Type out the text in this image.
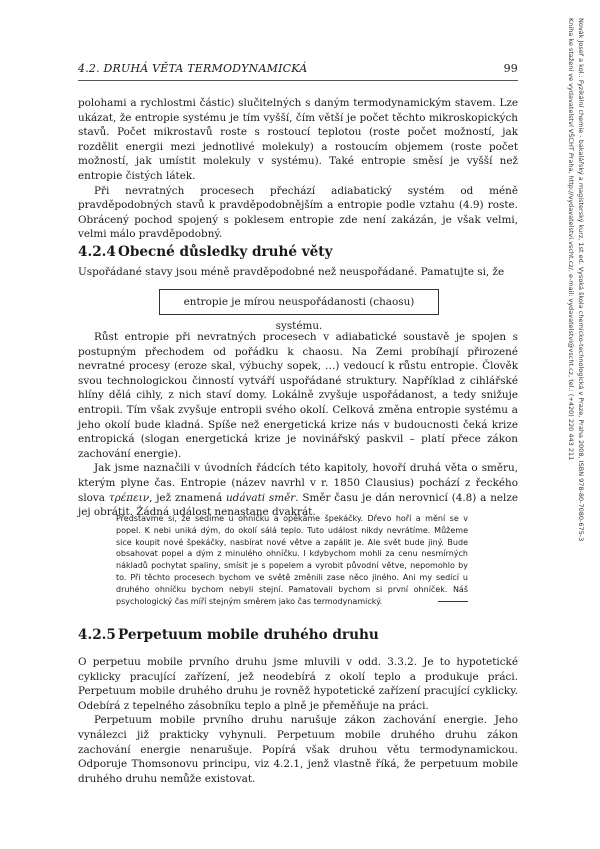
4.2. DRUHÁ VĚTA TERMODYNAMICKÁ	99

polohami a rychlostmi částic) slučitelných s daným termodynamickým stavem. Lze ukázat, že entropie systému je tím vyšší, čím větší je počet těchto mikroskopických stavů. Počet mikrostavů roste s rostoucí teplotou (roste počet možností, jak rozdělit energii mezi jednotlivé molekuly) a rostoucím objemem (roste počet možností, jak umístit molekuly v systému). Také entropie směsí je vyšší než entropie čistých látek.

Při nevratných procesech přechází adiabatický systém od méně pravděpodobných stavů k pravděpodobnějším a entropie podle vztahu (4.9) roste. Obrácený pochod spojený s poklesem entropie zde není zakázán, je však velmi, velmi málo pravděpodobný.

4.2.4 Obecné důsledky druhé věty

Uspořádané stavy jsou méně pravděpodobné než neuspořádané. Pamatujte si, že

entropie je mírou neuspořádanosti (chaosu) systému.

Růst entropie při nevratných procesech v adiabatické soustavě je spojen s postupným přechodem od pořádku k chaosu. Na Zemi probíhají přirozené nevratné procesy (eroze skal, výbuchy sopek, …) vedoucí k růstu entropie. Člověk svou technologickou činností vytváří uspořádané struktury. Například z cihlářské hlíny dělá cihly, z nich staví domy. Lokálně zvyšuje uspořádanost, a tedy snižuje entropii. Tím však zvyšuje entropii svého okolí. Celková změna entropie systému a jeho okolí bude kladná. Spíše než energetická krize nás v budoucnosti čeká krize entropická (slogan energetická krize je novinářský paskvil – platí přece zákon zachování energie).

Jak jsme naznačili v úvodních řádcích této kapitoly, hovoří druhá věta o směru, kterým plyne čas. Entropie (název navrhl v r. 1850 Clausius) pochází z řeckého slova τρέπειν, jež znamená udávati směr. Směr času je dán nerovnicí (4.8) a nelze jej obrátit. Žádná událost nenastane dvakrát.

Představme si, že sedíme u ohníčku a opékáme špekáčky. Dřevo hoří a mění se v popel. K nebi uniká dým, do okolí sálá teplo. Tuto událost nikdy nevrátíme. Můžeme sice koupit nové špekáčky, nasbírat nové větve a zapálit je. Ale svět bude jiný. Bude obsahovat popel a dým z minulého ohníčku. I kdybychom mohli za cenu nesmírných nákladů pochytat spaliny, smísit je s popelem a vyrobit původní větve, nepomohlo by to. Při těchto procesech bychom ve světě změnili zase něco jiného. Ani my sedící u druhého ohníčku bychom nebyli stejní. Pamatovali bychom si první ohníček. Náš psychologický čas míří stejným směrem jako čas termodynamický.
4.2.5 Perpetuum mobile druhého druhu

O perpetuu mobile prvního druhu jsme mluvili v odd. 3.3.2. Je to hypotetické cyklicky pracující zařízení, jež neodebírá z okolí teplo a produkuje práci. Perpetuum mobile druhého druhu je rovněž hypotetické zařízení pracující cyklicky. Odebírá z tepelného zásobníku teplo a plně je přeměňuje na práci.

Perpetuum mobile prvního druhu narušuje zákon zachování energie. Jeho vynálezci již prakticky vyhynuli. Perpetuum mobile druhého druhu zákon zachování energie nenarušuje. Popírá však druhou větu termodynamickou. Odporuje Thomsonovu principu, viz 4.2.1, jenž vlastně říká, že perpetuum mobile druhého druhu nemůže existovat.

Novák Josef a kol.: Fyzikální chemie - bakalářský a magisterský kurz, 1st ed. Vysoká škola chemicko-technologická v Praze, Praha 2008, ISBN 978-80-7080-675-3
Kniha ke stažení ve vydavatelství VŠCHT Praha, http://vydavatelstvi.vscht.cz/, e-mail: vydavatelstvi@vscht.cz, tel.: (+420) 220 443 211
